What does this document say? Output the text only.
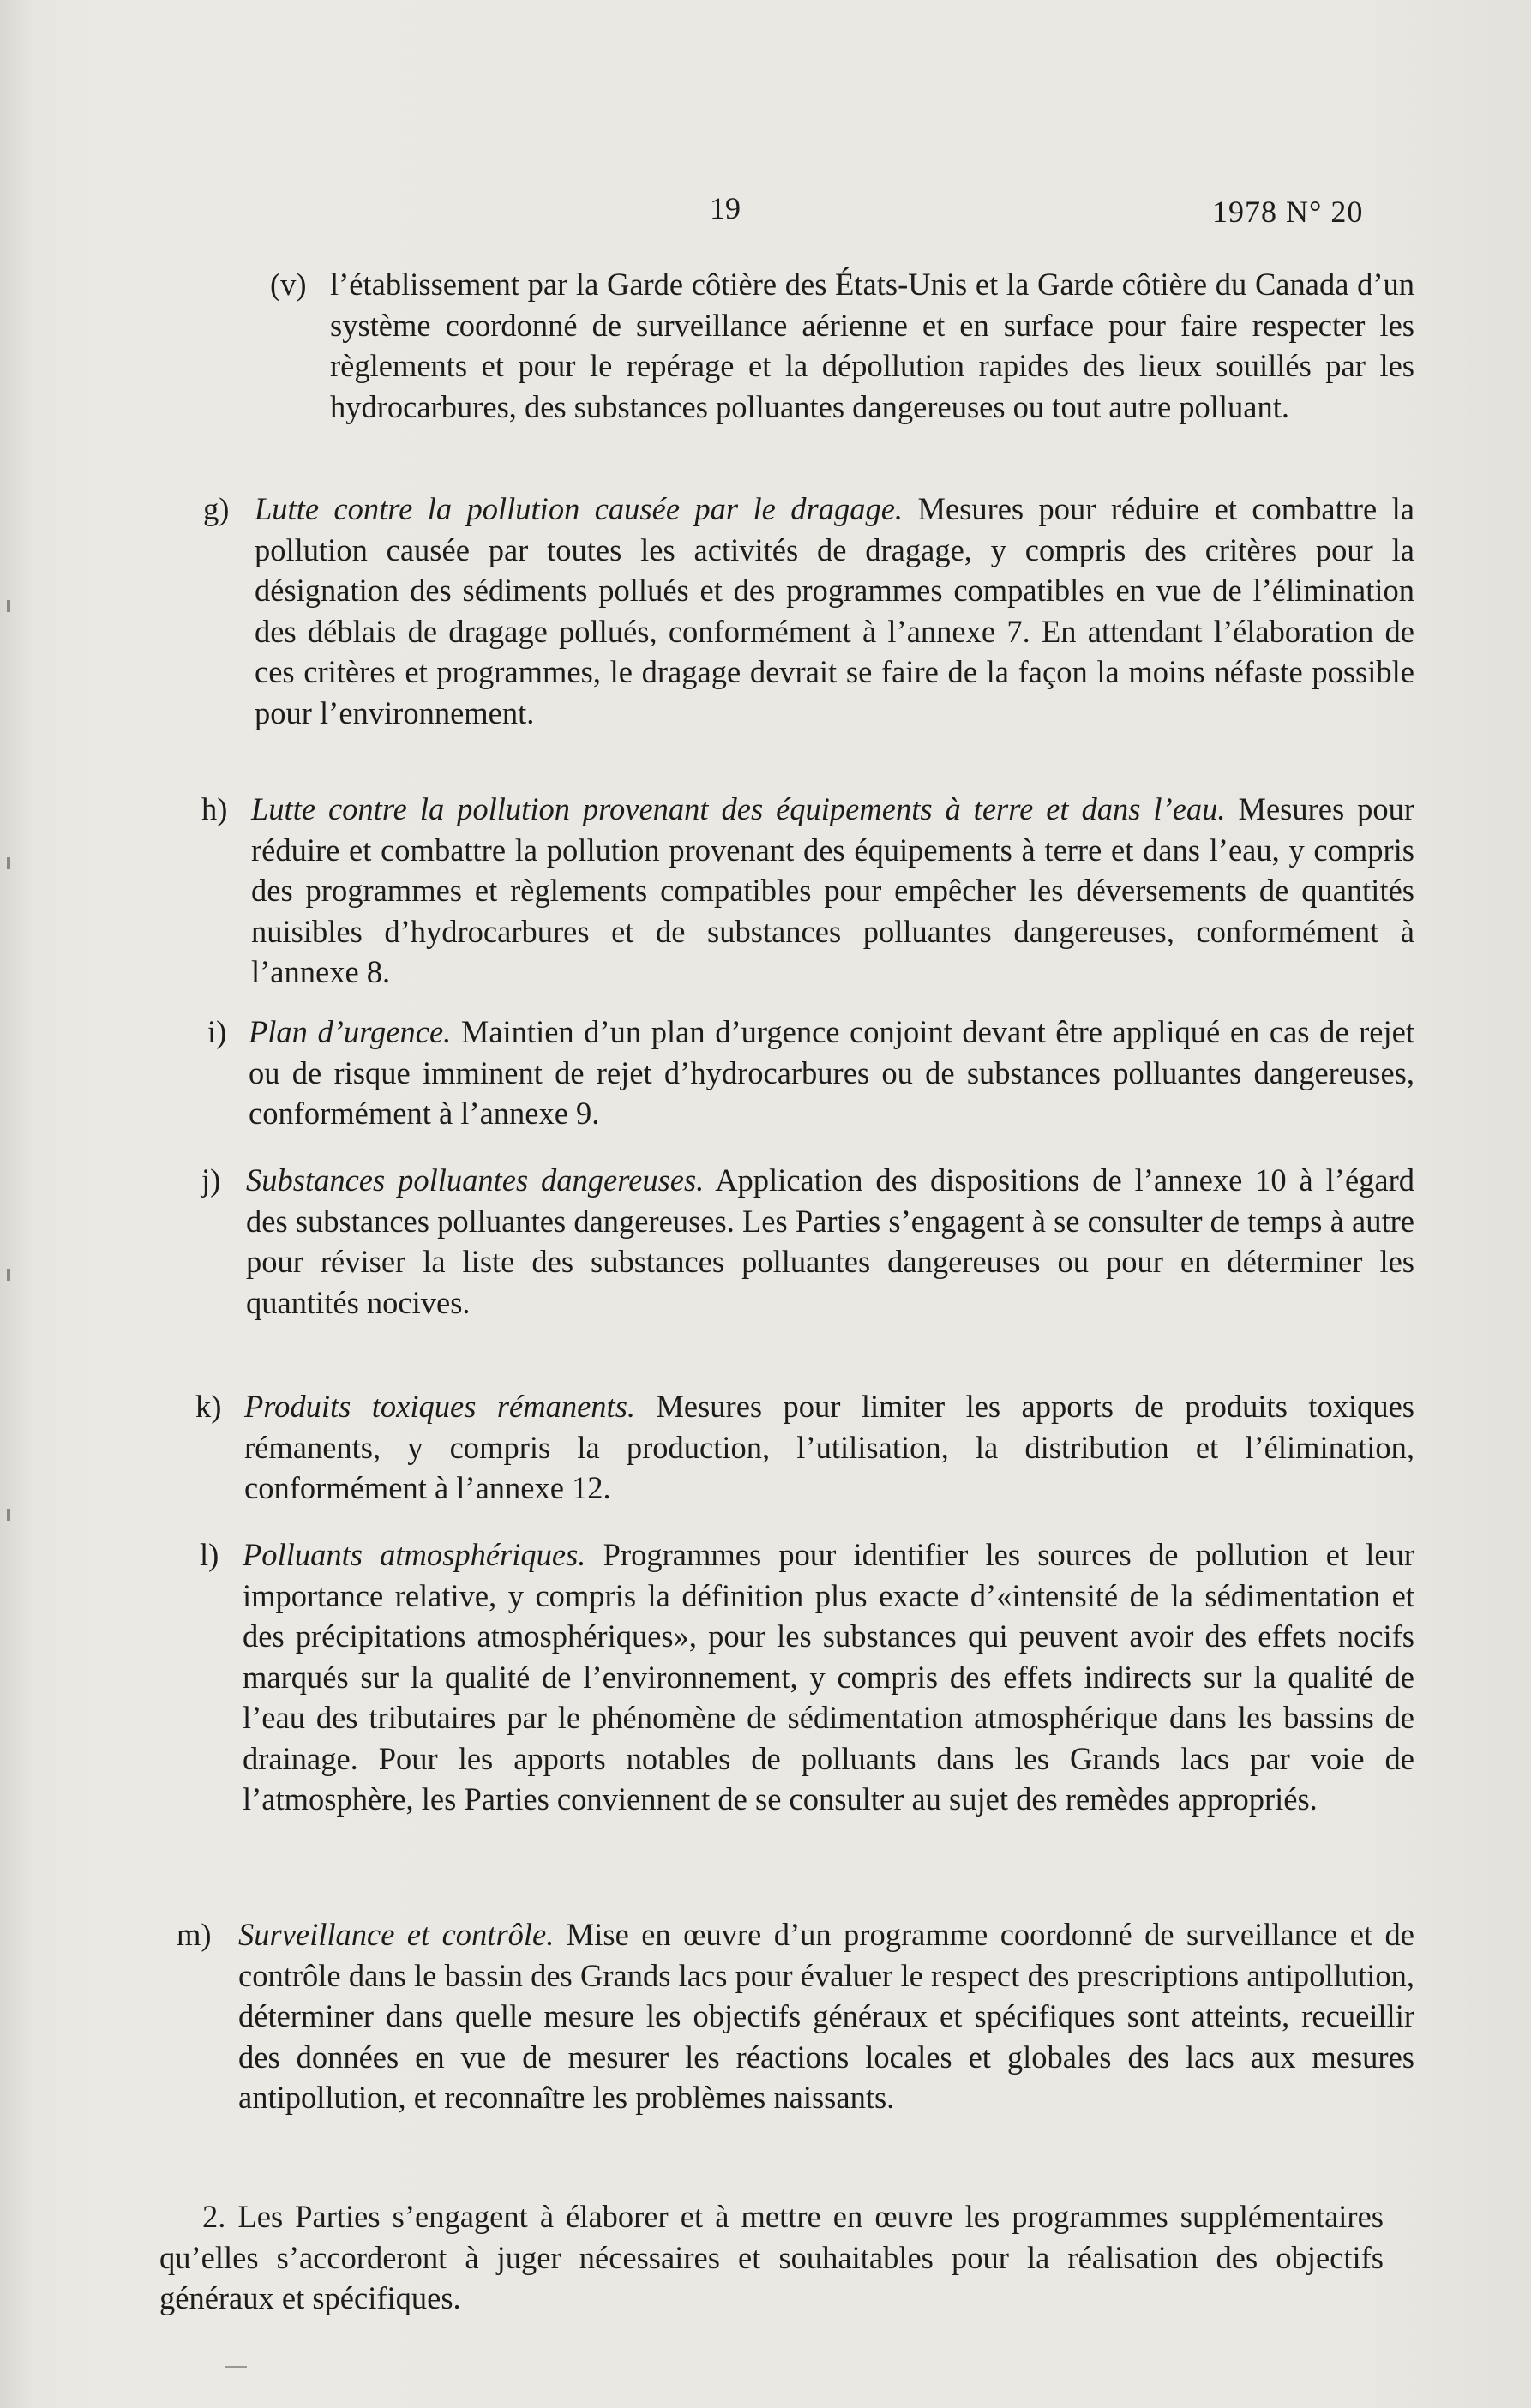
19	1978 N° 20
(v) l’établissement par la Garde côtière des États-Unis et la Garde côtière du Canada d’un système coordonné de surveillance aérienne et en surface pour faire respecter les règlements et pour le repérage et la dépollution rapides des lieux souillés par les hydrocarbures, des substances polluantes dangereuses ou tout autre polluant.
g) Lutte contre la pollution causée par le dragage. Mesures pour réduire et combattre la pollution causée par toutes les activités de dragage, y compris des critères pour la désignation des sédiments pollués et des programmes compatibles en vue de l’élimination des déblais de dragage pollués, conformément à l’annexe 7. En attendant l’élaboration de ces critères et programmes, le dragage devrait se faire de la façon la moins néfaste possible pour l’environnement.
h) Lutte contre la pollution provenant des équipements à terre et dans l’eau. Mesures pour réduire et combattre la pollution provenant des équipements à terre et dans l’eau, y compris des programmes et règlements compatibles pour empêcher les déversements de quantités nuisibles d’hydrocarbures et de substances polluantes dangereuses, conformément à l’annexe 8.
i) Plan d’urgence. Maintien d’un plan d’urgence conjoint devant être appliqué en cas de rejet ou de risque imminent de rejet d’hydrocarbures ou de substances polluantes dangereuses, conformément à l’annexe 9.
j) Substances polluantes dangereuses. Application des dispositions de l’annexe 10 à l’égard des substances polluantes dangereuses. Les Parties s’engagent à se consulter de temps à autre pour réviser la liste des substances polluantes dangereuses ou pour en déterminer les quantités nocives.
k) Produits toxiques rémanents. Mesures pour limiter les apports de produits toxiques rémanents, y compris la production, l’utilisation, la distribution et l’élimination, conformément à l’annexe 12.
l) Polluants atmosphériques. Programmes pour identifier les sources de pollution et leur importance relative, y compris la définition plus exacte d’«intensité de la sédimentation et des précipitations atmosphériques», pour les substances qui peuvent avoir des effets nocifs marqués sur la qualité de l’environnement, y compris des effets indirects sur la qualité de l’eau des tributaires par le phénomène de sédimentation atmosphérique dans les bassins de drainage. Pour les apports notables de polluants dans les Grands lacs par voie de l’atmosphère, les Parties conviennent de se consulter au sujet des remèdes appropriés.
m) Surveillance et contrôle. Mise en œuvre d’un programme coordonné de surveillance et de contrôle dans le bassin des Grands lacs pour évaluer le respect des prescriptions antipollution, déterminer dans quelle mesure les objectifs généraux et spécifiques sont atteints, recueillir des données en vue de mesurer les réactions locales et globales des lacs aux mesures antipollution, et reconnaître les problèmes naissants.
2. Les Parties s’engagent à élaborer et à mettre en œuvre les programmes supplémentaires qu’elles s’accorderont à juger nécessaires et souhaitables pour la réalisation des objectifs généraux et spécifiques.
